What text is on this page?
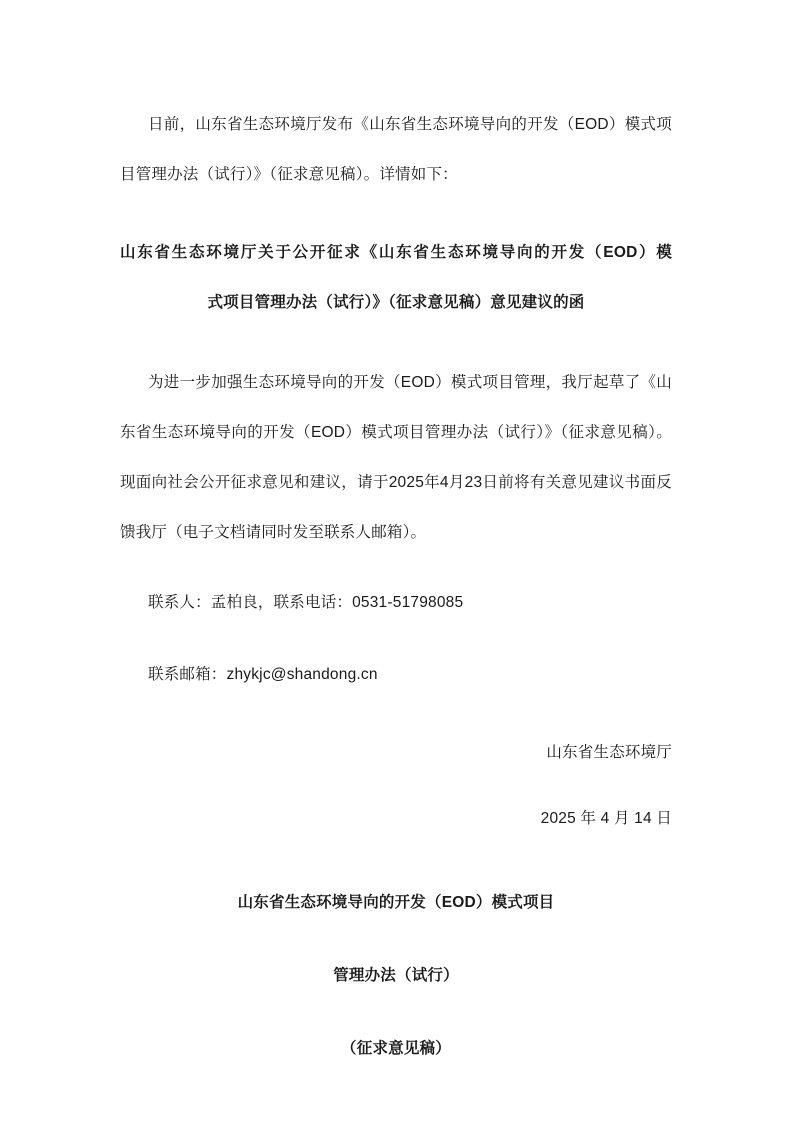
日前，山东省生态环境厅发布《山东省生态环境导向的开发（EOD）模式项目管理办法（试行）》（征求意见稿）。详情如下：

山东省生态环境厅关于公开征求《山东省生态环境导向的开发（EOD）模
式项目管理办法（试行）》（征求意见稿）意见建议的函

为进一步加强生态环境导向的开发（EOD）模式项目管理，我厅起草了《山东省生态环境导向的开发（EOD）模式项目管理办法（试行）》（征求意见稿）。现面向社会公开征求意见和建议，请于2025年4月23日前将有关意见建议书面反馈我厅（电子文档请同时发至联系人邮箱）。

联系人：孟柏良，联系电话：0531-51798085

联系邮箱：zhykjc@shandong.cn

山东省生态环境厅

2025 年 4 月 14 日

山东省生态环境导向的开发（EOD）模式项目

管理办法（试行）

（征求意见稿）
